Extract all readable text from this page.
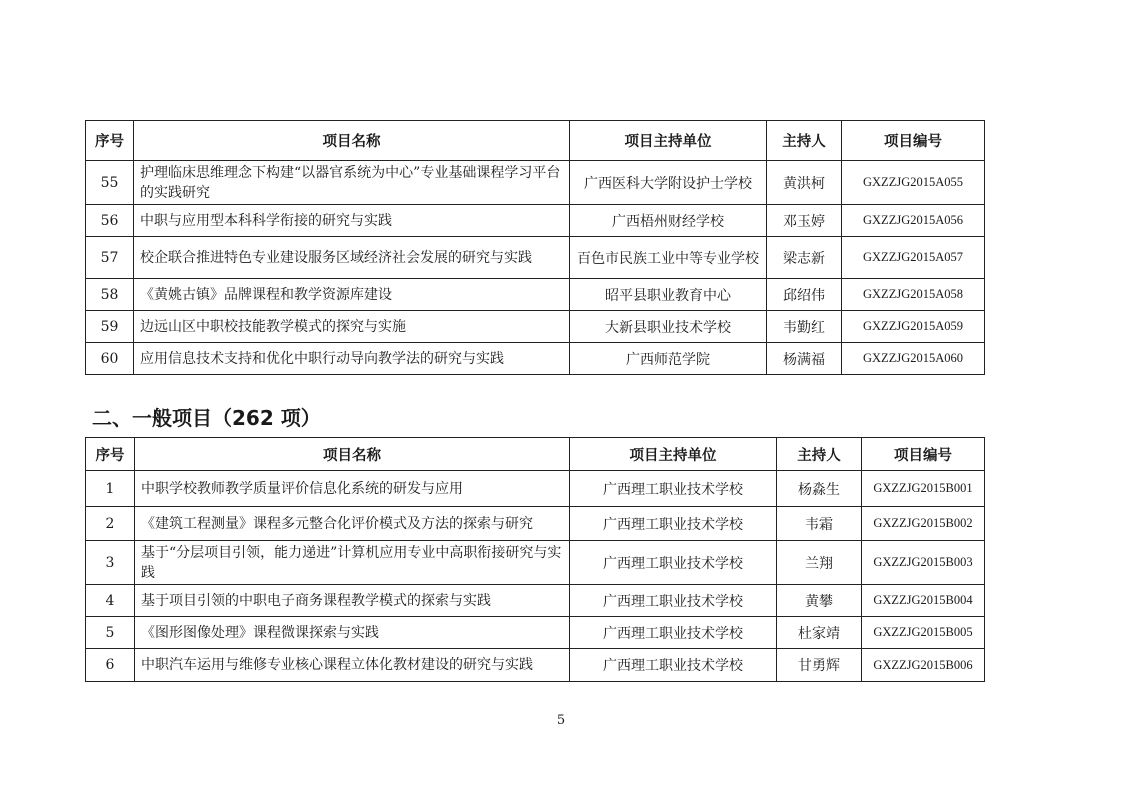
序号	项目名称	项目主持单位	主持人	项目编号
55	护理临床思维理念下构建“以器官系统为中心”专业基础课程学习平台的实践研究	广西医科大学附设护士学校	黄洪柯	GXZZJG2015A055
56	中职与应用型本科科学衔接的研究与实践	广西梧州财经学校	邓玉婷	GXZZJG2015A056
57	校企联合推进特色专业建设服务区域经济社会发展的研究与实践	百色市民族工业中等专业学校	梁志新	GXZZJG2015A057
58	《黄姚古镇》品牌课程和教学资源库建设	昭平县职业教育中心	邱绍伟	GXZZJG2015A058
59	边远山区中职校技能教学模式的探究与实施	大新县职业技术学校	韦勤红	GXZZJG2015A059
60	应用信息技术支持和优化中职行动导向教学法的研究与实践	广西师范学院	杨满福	GXZZJG2015A060
二、一般项目（262 项）
序号	项目名称	项目主持单位	主持人	项目编号
1	中职学校教师教学质量评价信息化系统的研发与应用	广西理工职业技术学校	杨淼生	GXZZJG2015B001
2	《建筑工程测量》课程多元整合化评价模式及方法的探索与研究	广西理工职业技术学校	韦霜	GXZZJG2015B002
3	基于“分层项目引领，能力递进”计算机应用专业中高职衔接研究与实践	广西理工职业技术学校	兰翔	GXZZJG2015B003
4	基于项目引领的中职电子商务课程教学模式的探索与实践	广西理工职业技术学校	黄攀	GXZZJG2015B004
5	《图形图像处理》课程微课探索与实践	广西理工职业技术学校	杜家靖	GXZZJG2015B005
6	中职汽车运用与维修专业核心课程立体化教材建设的研究与实践	广西理工职业技术学校	甘勇辉	GXZZJG2015B006
5
